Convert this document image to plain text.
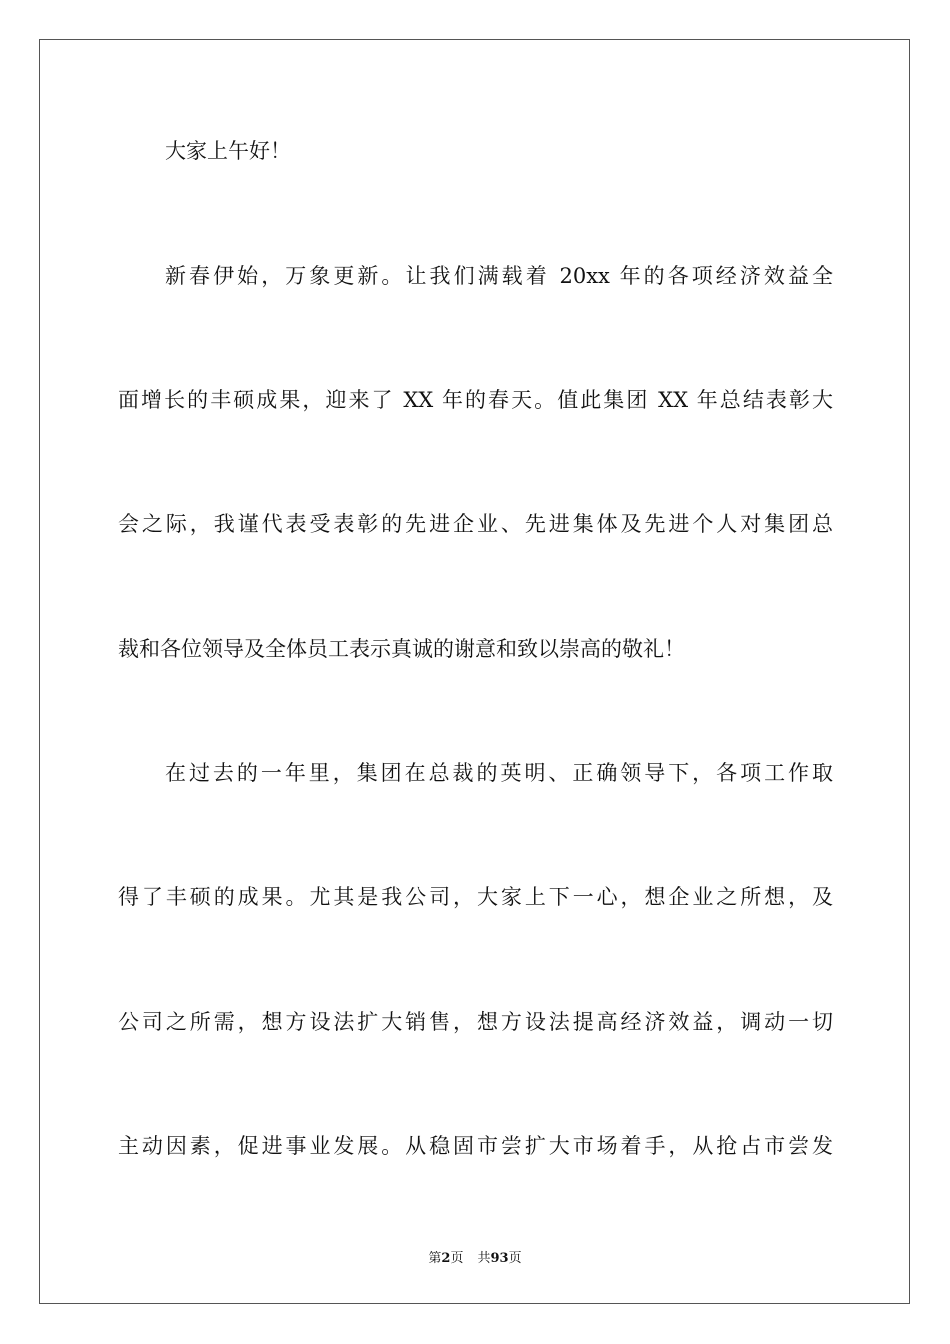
大家上午好！

新春伊始，万象更新。让我们满载着 20xx 年的各项经济效益全

面增长的丰硕成果，迎来了 XX 年的春天。值此集团 XX 年总结表彰大

会之际，我谨代表受表彰的先进企业、先进集体及先进个人对集团总

裁和各位领导及全体员工表示真诚的谢意和致以崇高的敬礼！

在过去的一年里，集团在总裁的英明、正确领导下，各项工作取

得了丰硕的成果。尤其是我公司，大家上下一心，想企业之所想，及

公司之所需，想方设法扩大销售，想方设法提高经济效益，调动一切

主动因素，促进事业发展。从稳固市尝扩大市场着手，从抢占市尝发

第2页 共93页
